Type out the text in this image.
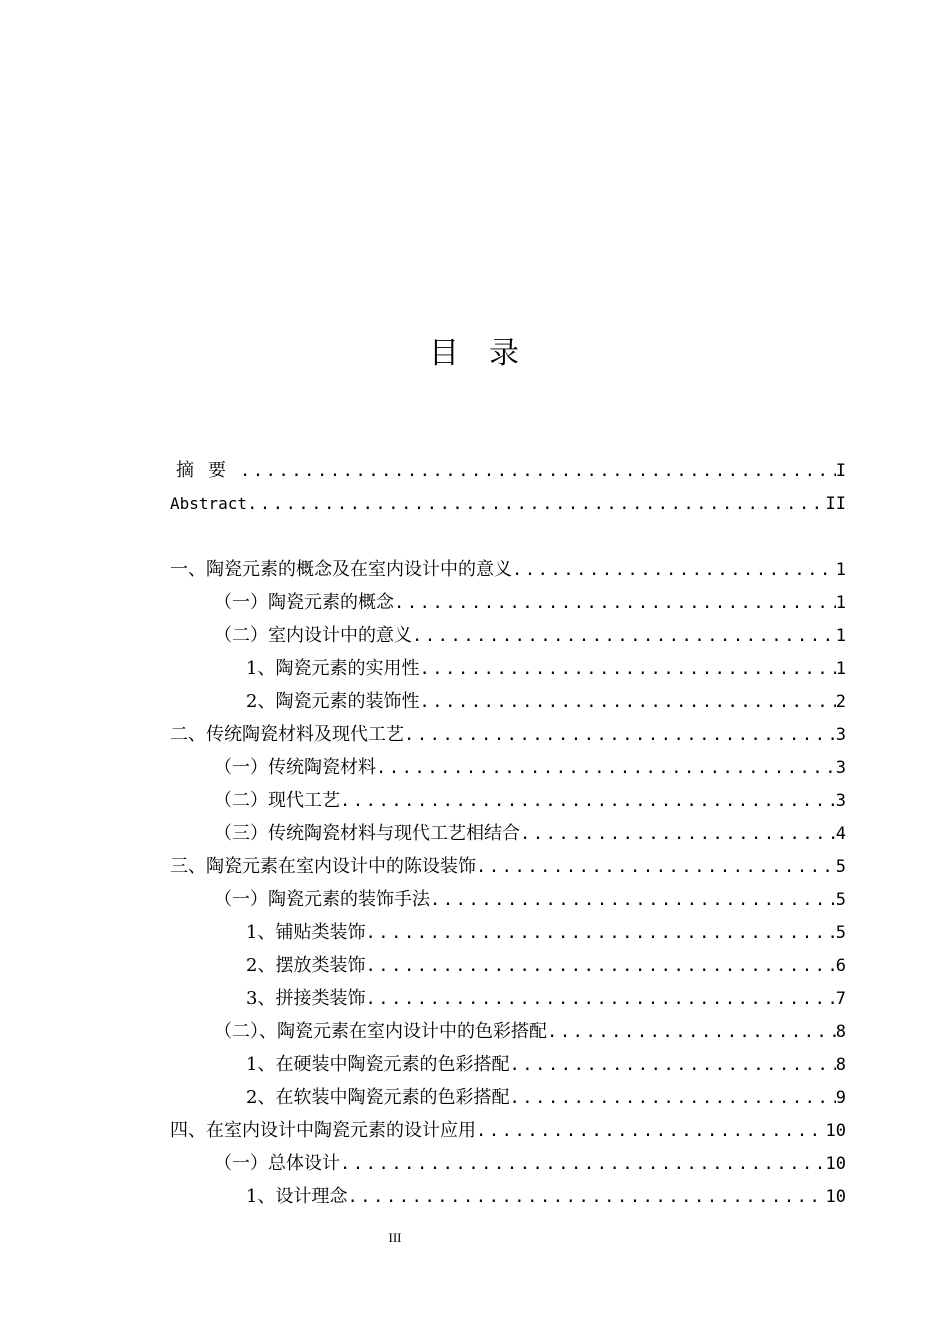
目录
摘要 .....	I
Abstract .....	II
一、陶瓷元素的概念及在室内设计中的意义 .....	1
（一）陶瓷元素的概念 .....	1
（二）室内设计中的意义 .....	1
1、陶瓷元素的实用性 .....	1
2、陶瓷元素的装饰性 .....	2
二、传统陶瓷材料及现代工艺 .....	3
（一）传统陶瓷材料 .....	3
（二）现代工艺 .....	3
（三）传统陶瓷材料与现代工艺相结合 .....	4
三、陶瓷元素在室内设计中的陈设装饰 .....	5
（一）陶瓷元素的装饰手法 .....	5
1、铺贴类装饰 .....	5
2、摆放类装饰 .....	6
3、拼接类装饰 .....	7
（二）、陶瓷元素在室内设计中的色彩搭配 .....	8
1、在硬装中陶瓷元素的色彩搭配 .....	8
2、在软装中陶瓷元素的色彩搭配 .....	9
四、在室内设计中陶瓷元素的设计应用 .....	10
（一）总体设计 .....	10
1、设计理念 .....	10
III
